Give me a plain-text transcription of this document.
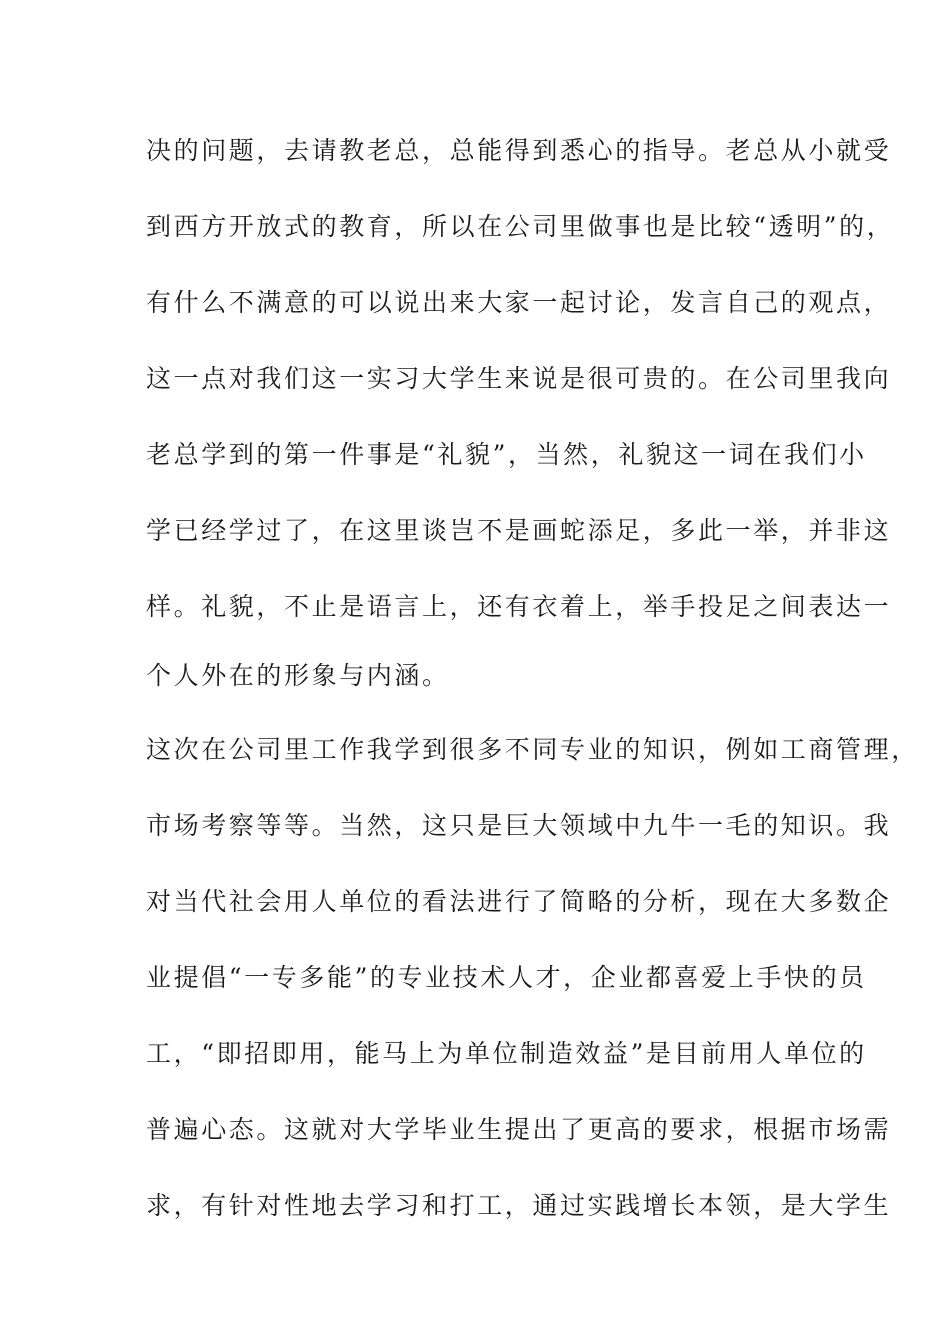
决的问题，去请教老总，总能得到悉心的指导。老总从小就受
到西方开放式的教育，所以在公司里做事也是比较“透明”的，
有什么不满意的可以说出来大家一起讨论，发言自己的观点，
这一点对我们这一实习大学生来说是很可贵的。在公司里我向
老总学到的第一件事是“礼貌”，当然，礼貌这一词在我们小
学已经学过了，在这里谈岂不是画蛇添足，多此一举，并非这
样。礼貌，不止是语言上，还有衣着上，举手投足之间表达一
个人外在的形象与内涵。
这次在公司里工作我学到很多不同专业的知识，例如工商管理，
市场考察等等。当然，这只是巨大领域中九牛一毛的知识。我
对当代社会用人单位的看法进行了简略的分析，现在大多数企
业提倡“一专多能”的专业技术人才，企业都喜爱上手快的员
工，“即招即用，能马上为单位制造效益”是目前用人单位的
普遍心态。这就对大学毕业生提出了更高的要求，根据市场需
求，有针对性地去学习和打工，通过实践增长本领，是大学生
